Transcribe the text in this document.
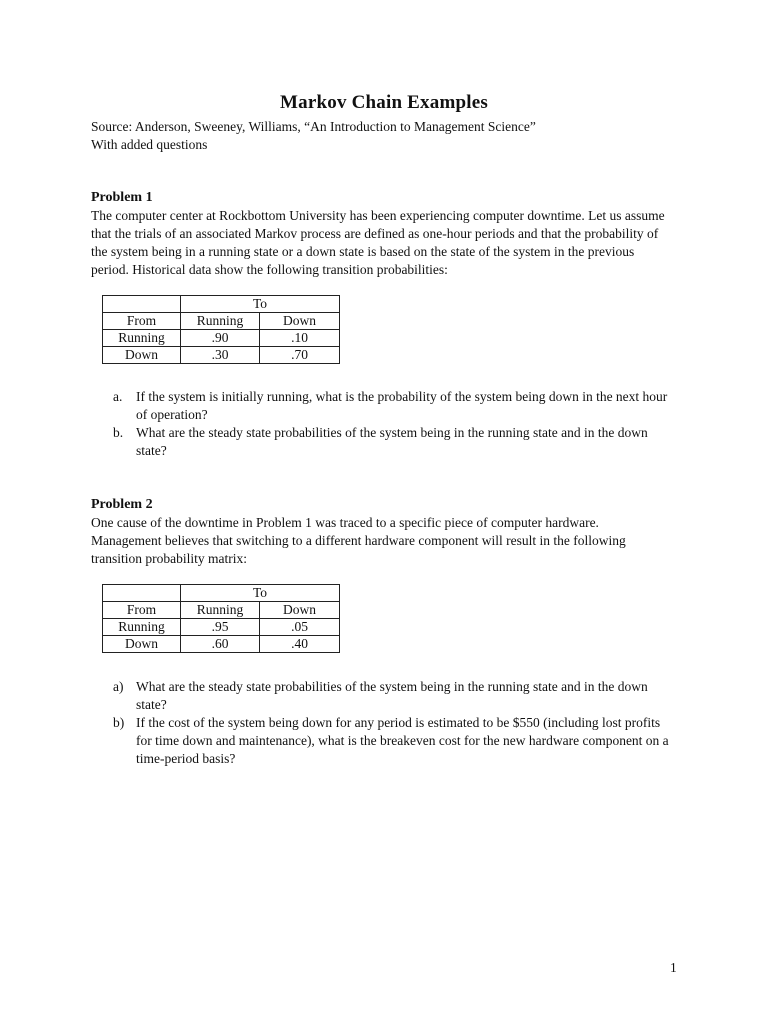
Markov Chain Examples
Source: Anderson, Sweeney, Williams, “An Introduction to Management Science”
With added questions
Problem 1
The computer center at Rockbottom University has been experiencing computer downtime. Let us assume that the trials of an associated Markov process are defined as one-hour periods and that the probability of the system being in a running state or a down state is based on the state of the system in the previous period. Historical data show the following transition probabilities:
	To	
From	Running	Down
Running	.90	.10
Down	.30	.70
a. If the system is initially running, what is the probability of the system being down in the next hour of operation?
b. What are the steady state probabilities of the system being in the running state and in the down state?
Problem 2
One cause of the downtime in Problem 1 was traced to a specific piece of computer hardware. Management believes that switching to a different hardware component will result in the following transition probability matrix:
	To	
From	Running	Down
Running	.95	.05
Down	.60	.40
a) What are the steady state probabilities of the system being in the running state and in the down state?
b) If the cost of the system being down for any period is estimated to be $550 (including lost profits for time down and maintenance), what is the breakeven cost for the new hardware component on a time-period basis?
1
